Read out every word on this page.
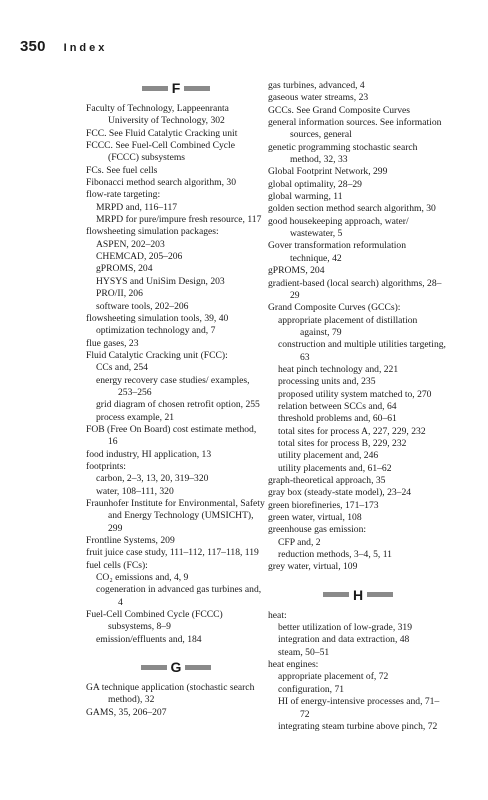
350 Index
F
Faculty of Technology, Lappeenranta University of Technology, 302
FCC. See Fluid Catalytic Cracking unit
FCCC. See Fuel-Cell Combined Cycle (FCCC) subsystems
FCs. See fuel cells
Fibonacci method search algorithm, 30
flow-rate targeting:
MRPD and, 116–117
MRPD for pure/impure fresh resource, 117
flowsheeting simulation packages:
ASPEN, 202–203
CHEMCAD, 205–206
gPROMS, 204
HYSYS and UniSim Design, 203
PRO/II, 206
software tools, 202–206
flowsheeting simulation tools, 39, 40
optimization technology and, 7
flue gases, 23
Fluid Catalytic Cracking unit (FCC):
CCs and, 254
energy recovery case studies/ examples, 253–256
grid diagram of chosen retrofit option, 255
process example, 21
FOB (Free On Board) cost estimate method, 16
food industry, HI application, 13
footprints:
carbon, 2–3, 13, 20, 319–320
water, 108–111, 320
Fraunhofer Institute for Environmental, Safety and Energy Technology (UMSICHT), 299
Frontline Systems, 209
fruit juice case study, 111–112, 117–118, 119
fuel cells (FCs):
CO₂ emissions and, 4, 9
cogeneration in advanced gas turbines and, 4
Fuel-Cell Combined Cycle (FCCC) subsystems, 8–9
emission/effluents and, 184
G
GA technique application (stochastic search method), 32
GAMS, 35, 206–207
gas turbines, advanced, 4
gaseous water streams, 23
GCCs. See Grand Composite Curves
general information sources. See information sources, general
genetic programming stochastic search method, 32, 33
Global Footprint Network, 299
global optimality, 28–29
global warming, 11
golden section method search algorithm, 30
good housekeeping approach, water/ wastewater, 5
Gover transformation reformulation technique, 42
gPROMS, 204
gradient-based (local search) algorithms, 28–29
Grand Composite Curves (GCCs):
appropriate placement of distillation against, 79
construction and multiple utilities targeting, 63
heat pinch technology and, 221
processing units and, 235
proposed utility system matched to, 270
relation between SCCs and, 64
threshold problems and, 60–61
total sites for process A, 227, 229, 232
total sites for process B, 229, 232
utility placement and, 246
utility placements and, 61–62
graph-theoretical approach, 35
gray box (steady-state model), 23–24
green biorefineries, 171–173
green water, virtual, 108
greenhouse gas emission:
CFP and, 2
reduction methods, 3–4, 5, 11
grey water, virtual, 109
H
heat:
better utilization of low-grade, 319
integration and data extraction, 48
steam, 50–51
heat engines:
appropriate placement of, 72
configuration, 71
HI of energy-intensive processes and, 71–72
integrating steam turbine above pinch, 72
